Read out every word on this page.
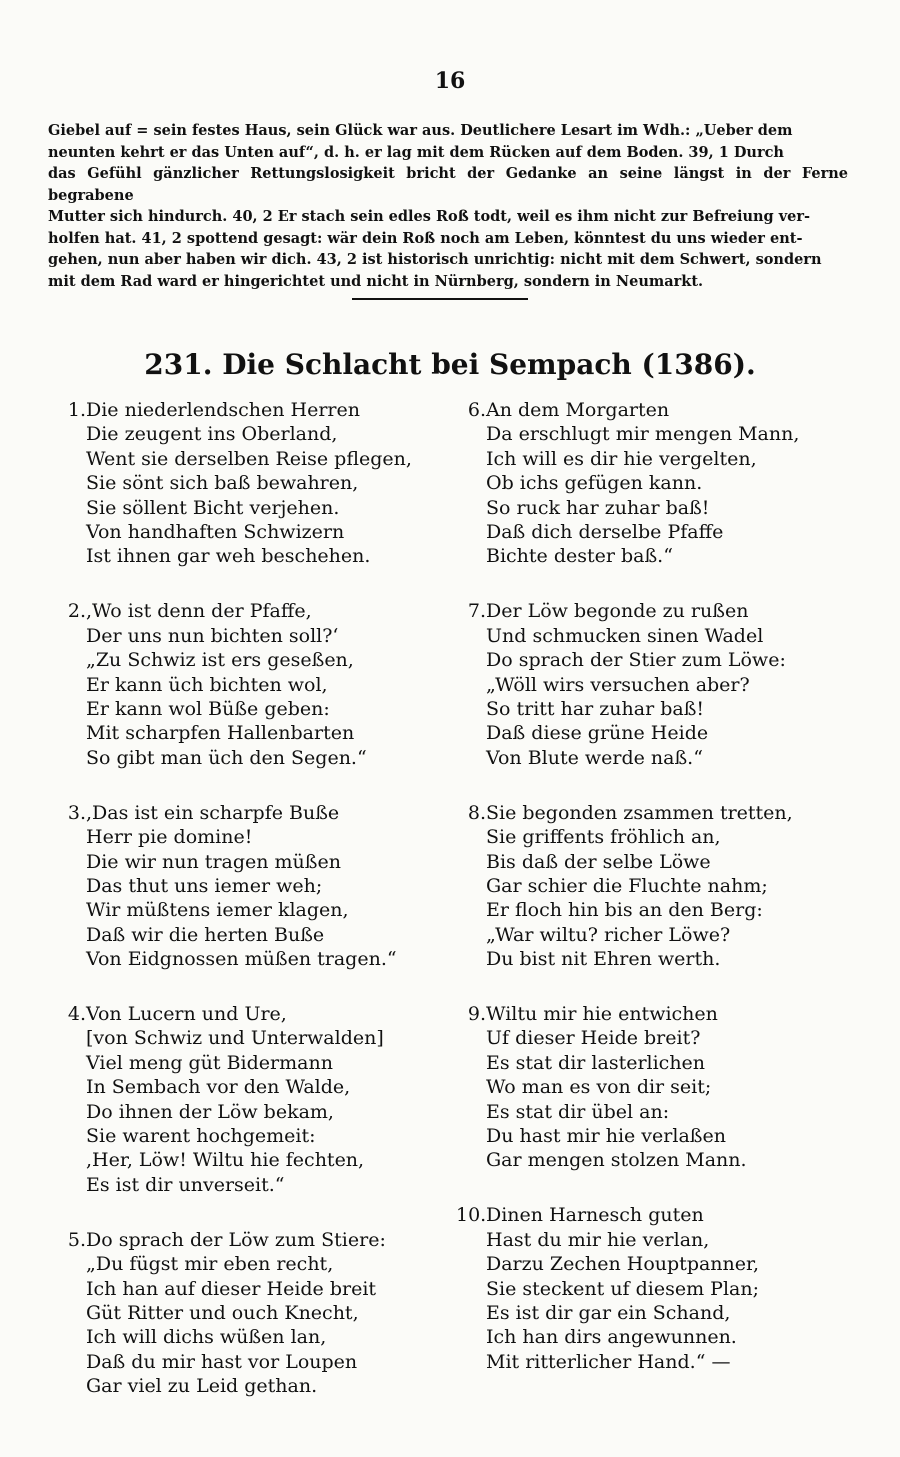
16

Giebel auf = sein festes Haus, sein Glück war aus. Deutlichere Lesart im Wdh.: „Ueber dem

neunten kehrt er das Unten auf“, d. h. er lag mit dem Rücken auf dem Boden. 39, 1 Durch

das Gefühl gänzlicher Rettungslosigkeit bricht der Gedanke an seine längst in der Ferne begrabene

Mutter sich hindurch. 40, 2 Er stach sein edles Roß todt, weil es ihm nicht zur Befreiung ver-

holfen hat. 41, 2 spottend gesagt: wär dein Roß noch am Leben, könntest du uns wieder ent-

gehen, nun aber haben wir dich. 43, 2 ist historisch unrichtig: nicht mit dem Schwert, sondern

mit dem Rad ward er hingerichtet und nicht in Nürnberg, sondern in Neumarkt.

231. Die Schlacht bei Sempach (1386).
1.Die niederlendschen Herren
Die zeugent ins Oberland,
Went sie derselben Reise pflegen,
Sie sönt sich baß bewahren,
Sie söllent Bicht verjehen.
Von handhaften Schwizern
Ist ihnen gar weh beschehen.
2.,Wo ist denn der Pfaffe,
Der uns nun bichten soll?‘
„Zu Schwiz ist ers geseßen,
Er kann üch bichten wol,
Er kann wol Büße geben:
Mit scharpfen Hallenbarten
So gibt man üch den Segen.“
3.,Das ist ein scharpfe Buße
Herr pie domine!
Die wir nun tragen müßen
Das thut uns iemer weh;
Wir müßtens iemer klagen,
Daß wir die herten Buße
Von Eidgnossen müßen tragen.“
4.Von Lucern und Ure,
[von Schwiz und Unterwalden]
Viel meng güt Bidermann
In Sembach vor den Walde,
Do ihnen der Löw bekam,
Sie warent hochgemeit:
,Her, Löw! Wiltu hie fechten,
Es ist dir unverseit.“
5.Do sprach der Löw zum Stiere:
„Du fügst mir eben recht,
Ich han auf dieser Heide breit
Güt Ritter und ouch Knecht,
Ich will dichs wüßen lan,
Daß du mir hast vor Loupen
Gar viel zu Leid gethan.
6.An dem Morgarten
Da erschlugt mir mengen Mann,
Ich will es dir hie vergelten,
Ob ichs gefügen kann.
So ruck har zuhar baß!
Daß dich derselbe Pfaffe
Bichte dester baß.“
7.Der Löw begonde zu rußen
Und schmucken sinen Wadel
Do sprach der Stier zum Löwe:
„Wöll wirs versuchen aber?
So tritt har zuhar baß!
Daß diese grüne Heide
Von Blute werde naß.“
8.Sie begonden zsammen tretten,
Sie griffents fröhlich an,
Bis daß der selbe Löwe
Gar schier die Fluchte nahm;
Er floch hin bis an den Berg:
„War wiltu? richer Löwe?
Du bist nit Ehren werth.
9.Wiltu mir hie entwichen
Uf dieser Heide breit?
Es stat dir lasterlichen
Wo man es von dir seit;
Es stat dir übel an:
Du hast mir hie verlaßen
Gar mengen stolzen Mann.
10.Dinen Harnesch guten
Hast du mir hie verlan,
Darzu Zechen Houptpanner,
Sie steckent uf diesem Plan;
Es ist dir gar ein Schand,
Ich han dirs angewunnen.
Mit ritterlicher Hand.“ —
